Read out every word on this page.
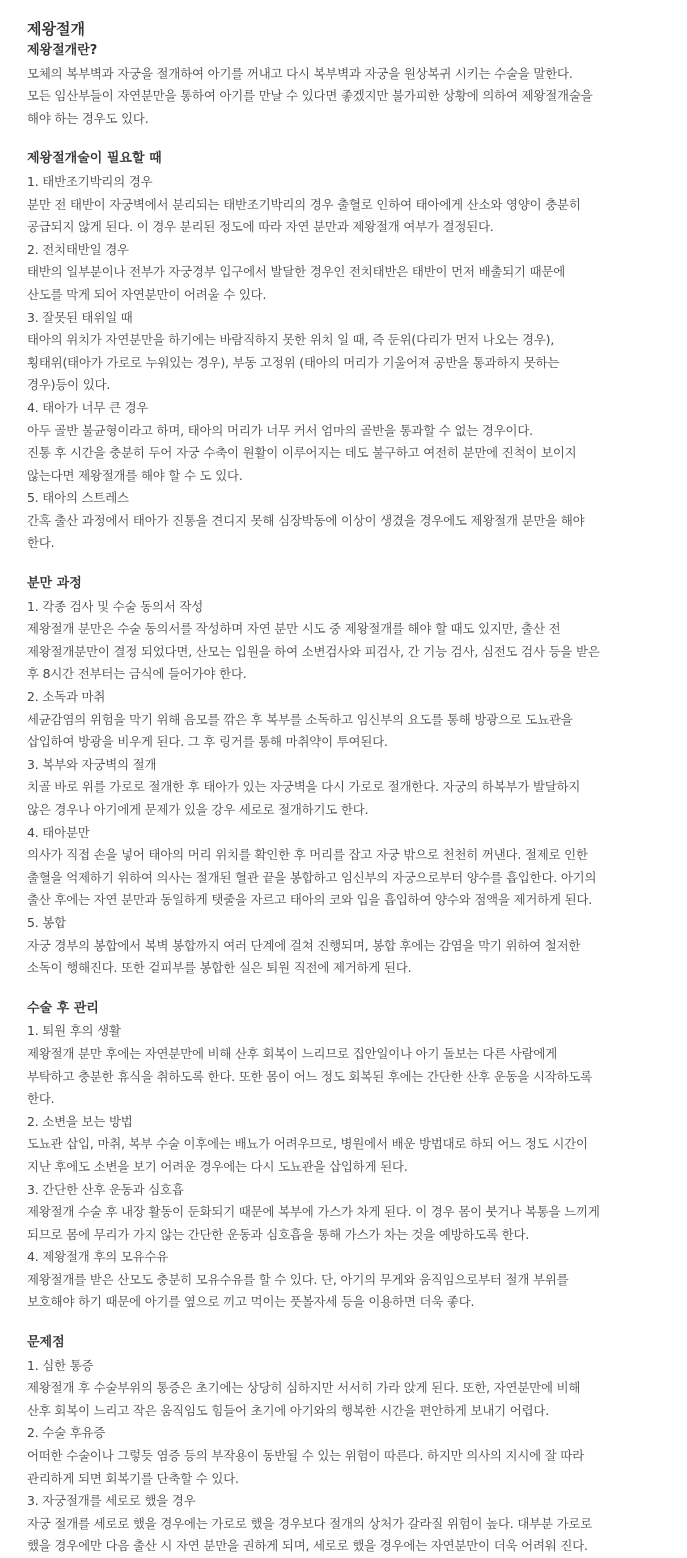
제왕절개
제왕절개란?
모체의 복부벽과 자궁을 절개하여 아기를 꺼내고 다시 복부벽과 자궁을 원상복귀 시키는 수술을 말한다.
모든 임산부들이 자연분만을 통하여 아기를 만날 수 있다면 좋겠지만 불가피한 상황에 의하여 제왕절개술을
해야 하는 경우도 있다.
제왕절개술이 필요할 때
1. 태반조기박리의 경우
분만 전 태반이 자궁벽에서 분리되는 태반조기박리의 경우 출혈로 인하여 태아에게 산소와 영양이 충분히
공급되지 않게 된다. 이 경우 분리된 정도에 따라 자연 분만과 제왕절개 여부가 결정된다.
2. 전치태반일 경우
태반의 일부분이나 전부가 자궁경부 입구에서 발달한 경우인 전치태반은 태반이 먼저 배출되기 때문에
산도를 막게 되어 자연분만이 어려울 수 있다.
3. 잘못된 태위일 때
태아의 위치가 자연분만을 하기에는 바람직하지 못한 위치 일 때, 즉 둔위(다리가 먼저 나오는 경우),
횡태위(태아가 가로로 누워있는 경우), 부동 고정위 (태아의 머리가 기울어져 공반을 통과하지 못하는
경우)등이 있다.
4. 태아가 너무 큰 경우
아두 골반 불균형이라고 하며, 태아의 머리가 너무 커서 엄마의 골반을 통과할 수 없는 경우이다.
진통 후 시간을 충분히 두어 자궁 수축이 원활이 이루어지는 데도 불구하고 여전히 분만에 진척이 보이지
않는다면 제왕절개를 해야 할 수 도 있다.
5. 태아의 스트레스
간혹 출산 과정에서 태아가 진통을 견디지 못해 심장박동에 이상이 생겼을 경우에도 제왕절개 분만을 해야
한다.
분만 과정
1. 각종 검사 및 수술 동의서 작성
제왕절개 분만은 수술 동의서를 작성하며 자연 분만 시도 중 제왕절개를 해야 할 때도 있지만, 출산 전
제왕절개분만이 결정 되었다면, 산모는 입원을 하여 소변검사와 피검사, 간 기능 검사, 심전도 검사 등을 받은
후 8시간 전부터는 금식에 들어가야 한다.
2. 소독과 마취
세균감염의 위험을 막기 위해 음모를 깎은 후 복부를 소독하고 임신부의 요도를 통해 방광으로 도뇨관을
삽입하여 방광을 비우게 된다. 그 후 링거를 통해 마취약이 투여된다.
3. 복부와 자궁벽의 절개
치골 바로 위를 가로로 절개한 후 태아가 있는 자궁벽을 다시 가로로 절개한다. 자궁의 하복부가 발달하지
않은 경우나 아기에게 문제가 있을 강우 세로로 절개하기도 한다.
4. 태아분만
의사가 직접 손을 넣어 태아의 머리 위치를 확인한 후 머리를 잡고 자궁 밖으로 천천히 꺼낸다. 절제로 인한
출혈을 억제하기 위하여 의사는 절개된 혈관 끝을 봉합하고 임신부의 자궁으로부터 양수를 흡입한다. 아기의
출산 후에는 자연 분만과 동일하게 탯줄을 자르고 태아의 코와 입을 흡입하여 양수와 점액을 제거하게 된다.
5. 봉합
자궁 경부의 봉합에서 복벽 봉합까지 여러 단계에 걸쳐 진행되며, 봉합 후에는 감염을 막기 위하여 철저한
소독이 행해진다. 또한 겉피부를 봉합한 실은 퇴원 직전에 제거하게 된다.
수술 후 관리
1. 퇴원 후의 생활
제왕절개 분만 후에는 자연분만에 비해 산후 회복이 느리므로 집안일이나 아기 돌보는 다른 사람에게
부탁하고 충분한 휴식을 취하도록 한다. 또한 몸이 어느 정도 회복된 후에는 간단한 산후 운동을 시작하도록
한다.
2. 소변을 보는 방법
도뇨관 삽입, 마취, 복부 수술 이후에는 배뇨가 어려우므로, 병원에서 배운 방법대로 하되 어느 정도 시간이
지난 후에도 소변을 보기 어려운 경우에는 다시 도뇨관을 삽입하게 된다.
3. 간단한 산후 운동과 심호흡
제왕절개 수술 후 내장 활동이 둔화되기 때문에 복부에 가스가 차게 된다. 이 경우 몸이 붓거나 복통을 느끼게
되므로 몸에 무리가 가지 않는 간단한 운동과 심호흡을 통해 가스가 차는 것을 예방하도록 한다.
4. 제왕절개 후의 모유수유
제왕절개를 받은 산모도 충분히 모유수유를 할 수 있다. 단, 아기의 무게와 움직임으로부터 절개 부위를
보호해야 하기 때문에 아기를 옆으로 끼고 먹이는 풋볼자세 등을 이용하면 더욱 좋다.
문제점
1. 심한 통증
제왕절개 후 수술부위의 통증은 초기에는 상당히 심하지만 서서히 가라 앉게 된다. 또한, 자연분만에 비해
산후 회복이 느리고 작은 움직임도 힘들어 초기에 아기와의 행복한 시간을 편안하게 보내기 어렵다.
2. 수술 후유증
어떠한 수술이나 그렇듯 염증 등의 부작용이 동반될 수 있는 위험이 따른다. 하지만 의사의 지시에 잘 따라
관리하게 되면 회복기를 단축할 수 있다.
3. 자궁절개를 세로로 했을 경우
자궁 절개를 세로로 했을 경우에는 가로로 했을 경우보다 절개의 상처가 갈라질 위험이 높다. 대부분 가로로
했을 경우에만 다음 출산 시 자연 분만을 권하게 되며, 세로로 했을 경우에는 자연분만이 더욱 어려워 진다.
